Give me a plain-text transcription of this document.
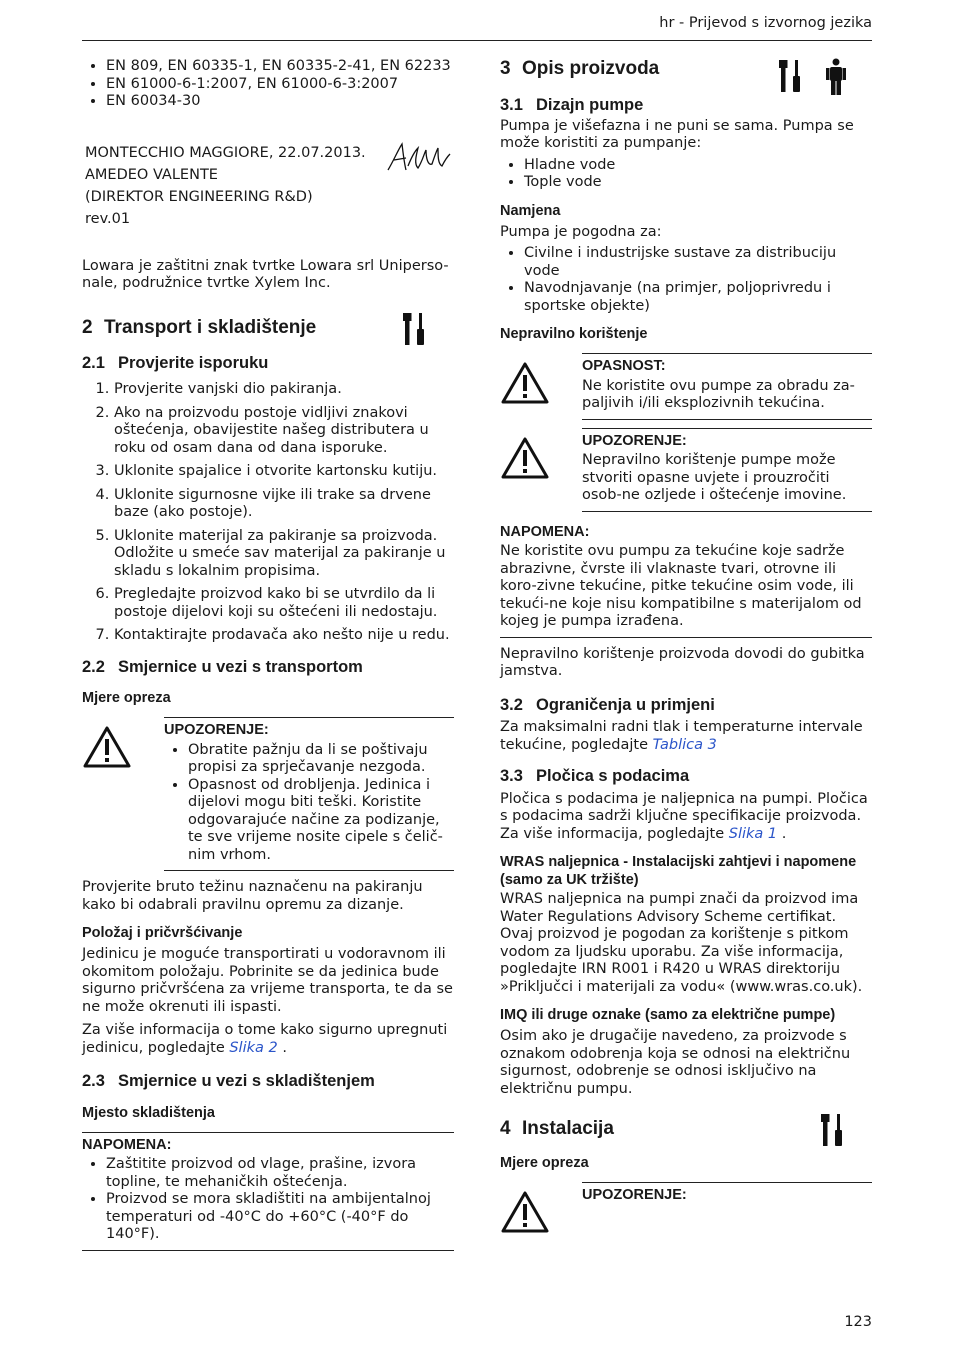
hr - Prijevod s izvornog jezika
• EN 809, EN 60335-1, EN 60335-2-41, EN 62233
• EN 61000-6-1:2007, EN 61000-6-3:2007
• EN 60034-30
MONTECCHIO MAGGIORE, 22.07.2013.
AMEDEO VALENTE
(DIREKTOR ENGINEERING R&D)
rev.01

Lowara je zaštitni znak tvrtke Lowara srl Uniperso-nale, podružnice tvrtke Xylem Inc.

2 Transport i skladištenje
2.1 Provjerite isporuku
1. Provjerite vanjski dio pakiranja.
2. Ako na proizvodu postoje vidljivi znakovi oštećenja, obavijestite našeg distributera u roku od osam dana od dana isporuke.
3. Uklonite spajalice i otvorite kartonsku kutiju.
4. Uklonite sigurnosne vijke ili trake sa drvene baze (ako postoje).
5. Uklonite materijal za pakiranje sa proizvoda. Odložite u smeće sav materijal za pakiranje u skladu s lokalnim propisima.
6. Pregledajte proizvod kako bi se utvrdilo da li postoje dijelovi koji su oštećeni ili nedostaju.
7. Kontaktirajte prodavača ako nešto nije u redu.
2.2 Smjernice u vezi s transportom
Mjere opreza
UPOZORENJE:
• Obratite pažnju da li se poštivaju propisi za sprječavanje nezgoda.
• Opasnost od drobljenja. Jedinica i dijelovi mogu biti teški. Koristite odgovarajuće načine za podizanje, te sve vrijeme nosite cipele s čelič-nim vrhom.

Provjerite bruto težinu naznačenu na pakiranju kako bi odabrali pravilnu opremu za dizanje.

Položaj i pričvršćivanje

Jedinicu je moguće transportirati u vodoravnom ili okomitom položaju. Pobrinite se da jedinica bude sigurno pričvršćena za vrijeme transporta, te da se ne može okrenuti ili ispasti.

Za više informacija o tome kako sigurno upregnuti jedinicu, pogledajte Slika 2 .

2.3 Smjernice u vezi s skladištenjem
Mjesto skladištenja
NAPOMENA:
• Zaštitite proizvod od vlage, prašine, izvora topline, te mehaničkih oštećenja.
• Proizvod se mora skladištiti na ambijentalnoj temperaturi od -40°C do +60°C (-40°F do 140°F).
3 Opis proizvoda
3.1 Dizajn pumpe

Pumpa je višefazna i ne puni se sama. Pumpa se može koristiti za pumpanje:

• Hladne vode
• Tople vode
Namjena

Pumpa je pogodna za:

• Civilne i industrijske sustave za distribuciju vode
• Navodnjavanje (na primjer, poljoprivredu i sportske objekte)
Nepravilno korištenje
OPASNOST:

Ne koristite ovu pumpe za obradu za-paljivih i/ili eksplozivnih tekućina.

UPOZORENJE:

Nepravilno korištenje pumpe može stvoriti opasne uvjete i prouzročiti osob-ne ozljede i oštećenje imovine.

NAPOMENA:

Ne koristite ovu pumpu za tekućine koje sadrže abrazivne, čvrste ili vlaknaste tvari, otrovne ili koro-zivne tekućine, pitke tekućine osim vode, ili tekući-ne koje nisu kompatibilne s materijalom od kojeg je pumpa izrađena.

Nepravilno korištenje proizvoda dovodi do gubitka jamstva.

3.2 Ograničenja u primjeni

Za maksimalni radni tlak i temperaturne intervale tekućine, pogledajte Tablica 3

3.3 Pločica s podacima

Pločica s podacima je naljepnica na pumpi. Pločica s podacima sadrži ključne specifikacije proizvoda. Za više informacija, pogledajte Slika 1 .

WRAS naljepnica - Instalacijski zahtjevi i napomene (samo za UK tržište)

WRAS naljepnica na pumpi znači da proizvod ima Water Regulations Advisory Scheme certifikat. Ovaj proizvod je pogodan za korištenje s pitkom vodom za ljudsku uporabu. Za više informacija, pogledajte IRN R001 i R420 u WRAS direktoriju »Priključci i materijali za vodu« (www.wras.co.uk).

IMQ ili druge oznake (samo za električne pumpe)

Osim ako je drugačije navedeno, za proizvode s oznakom odobrenja koja se odnosi na električnu sigurnost, odobrenje se odnosi isključivo na električnu pumpu.

4 Instalacija
Mjere opreza
UPOZORENJE:
123
